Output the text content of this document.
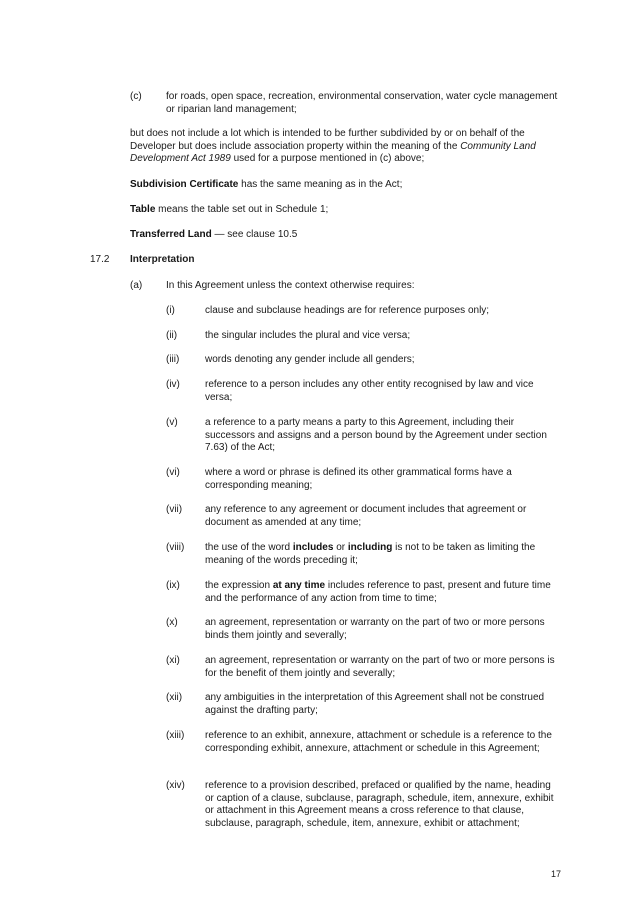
(c) for roads, open space, recreation, environmental conservation, water cycle management or riparian land management;
but does not include a lot which is intended to be further subdivided by or on behalf of the Developer but does include association property within the meaning of the Community Land Development Act 1989 used for a purpose mentioned in (c) above;
Subdivision Certificate has the same meaning as in the Act;
Table means the table set out in Schedule 1;
Transferred Land — see clause 10.5
17.2 Interpretation
(a) In this Agreement unless the context otherwise requires:
(i)	clause and subclause headings are for reference purposes only;
(ii)	the singular includes the plural and vice versa;
(iii)	words denoting any gender include all genders;
(iv)	reference to a person includes any other entity recognised by law and vice versa;
(v)	a reference to a party means a party to this Agreement, including their successors and assigns and a person bound by the Agreement under section 7.63) of the Act;
(vi)	where a word or phrase is defined its other grammatical forms have a corresponding meaning;
(vii)	any reference to any agreement or document includes that agreement or document as amended at any time;
(viii)	the use of the word includes or including is not to be taken as limiting the meaning of the words preceding it;
(ix)	the expression at any time includes reference to past, present and future time and the performance of any action from time to time;
(x)	an agreement, representation or warranty on the part of two or more persons binds them jointly and severally;
(xi)	an agreement, representation or warranty on the part of two or more persons is for the benefit of them jointly and severally;
(xii)	any ambiguities in the interpretation of this Agreement shall not be construed against the drafting party;
(xiii)	reference to an exhibit, annexure, attachment or schedule is a reference to the corresponding exhibit, annexure, attachment or schedule in this Agreement;
(xiv)	reference to a provision described, prefaced or qualified by the name, heading or caption of a clause, subclause, paragraph, schedule, item, annexure, exhibit or attachment in this Agreement means a cross reference to that clause, subclause, paragraph, schedule, item, annexure, exhibit or attachment;
17
